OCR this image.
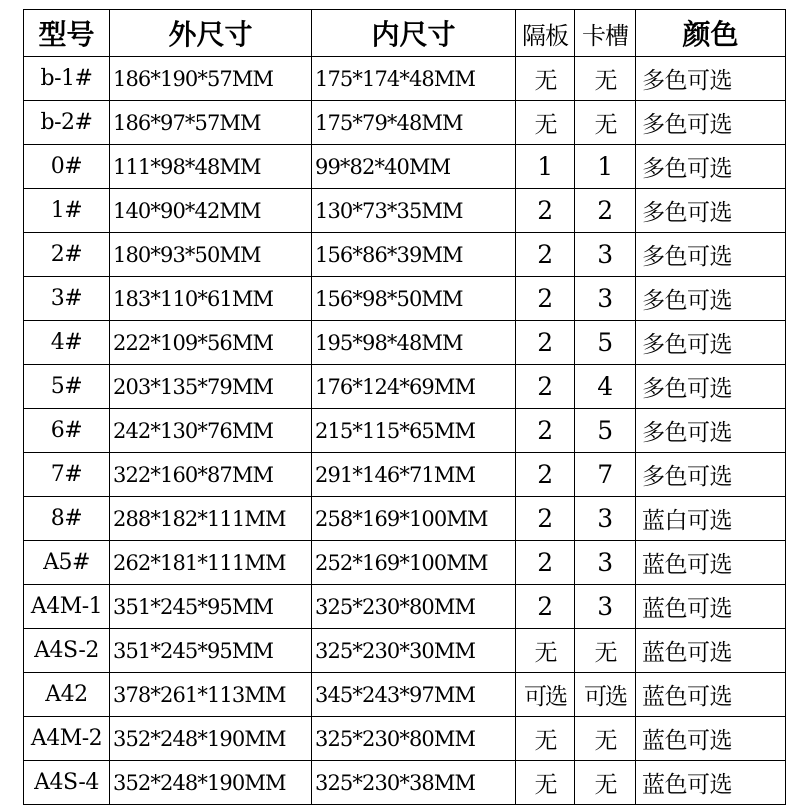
型号	外尺寸	内尺寸	隔板	卡槽	颜色
b-1#	186*190*57MM	175*174*48MM	无	无	多色可选
b-2#	186*97*57MM	175*79*48MM	无	无	多色可选
0#	111*98*48MM	99*82*40MM	1	1	多色可选
1#	140*90*42MM	130*73*35MM	2	2	多色可选
2#	180*93*50MM	156*86*39MM	2	3	多色可选
3#	183*110*61MM	156*98*50MM	2	3	多色可选
4#	222*109*56MM	195*98*48MM	2	5	多色可选
5#	203*135*79MM	176*124*69MM	2	4	多色可选
6#	242*130*76MM	215*115*65MM	2	5	多色可选
7#	322*160*87MM	291*146*71MM	2	7	多色可选
8#	288*182*111MM	258*169*100MM	2	3	蓝白可选
A5#	262*181*111MM	252*169*100MM	2	3	蓝色可选
A4M-1	351*245*95MM	325*230*80MM	2	3	蓝色可选
A4S-2	351*245*95MM	325*230*30MM	无	无	蓝色可选
A42	378*261*113MM	345*243*97MM	可选	可选	蓝色可选
A4M-2	352*248*190MM	325*230*80MM	无	无	蓝色可选
A4S-4	352*248*190MM	325*230*38MM	无	无	蓝色可选
